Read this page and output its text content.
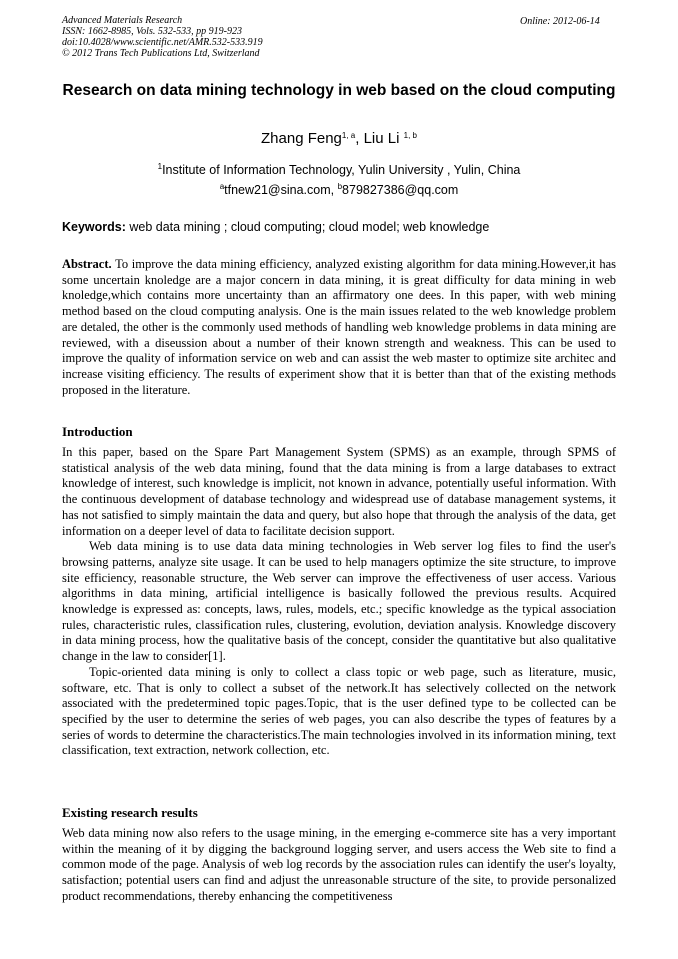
Advanced Materials Research	Online: 2012-06-14
ISSN: 1662-8985, Vols. 532-533, pp 919-923
doi:10.4028/www.scientific.net/AMR.532-533.919
© 2012 Trans Tech Publications Ltd, Switzerland
Research on data mining technology in web based on the cloud computing
Zhang Feng$^{1, a}$, Liu Li $^{1, b}$
$^1$Institute of Information Technology, Yulin University , Yulin, China
$^a$tfnew21@sina.com, $^b$879827386@qq.com
Keywords: web data mining ; cloud computing; cloud model; web knowledge
Abstract. To improve the data mining efficiency, analyzed existing algorithm for data mining.However,it has some uncertain knoledge are a major concern in data mining, it is great difficulty for data mining in web knoledge,which contains more uncertainty than an affirmatory one dees. In this paper, with web mining method based on the cloud computing analysis. One is the main issues related to the web knowledge problem are detaled, the other is the commonly used methods of handling web knowledge problems in data mining are reviewed, with a diseussion about a number of their known strength and weakness. This can be used to improve the quality of information service on web and can assist the web master to optimize site architec and increase visiting efficiency. The results of experiment show that it is better than that of the existing methods proposed in the literature.
Introduction

In this paper, based on the Spare Part Management System (SPMS) as an example, through SPMS of statistical analysis of the web data mining, found that the data mining is from a large databases to extract knowledge of interest, such knowledge is implicit, not known in advance, potentially useful information. With the continuous development of database technology and widespread use of database management systems, it has not satisfied to simply maintain the data and query, but also hope that through the analysis of the data, get information on a deeper level of data to facilitate decision support.

Web data mining is to use data data mining technologies in Web server log files to find the user's browsing patterns, analyze site usage. It can be used to help managers optimize the site structure, to improve site efficiency, reasonable structure, the Web server can improve the effectiveness of user access. Various algorithms in data mining, artificial intelligence is basically followed the previous results. Acquired knowledge is expressed as: concepts, laws, rules, models, etc.; specific knowledge as the typical association rules, characteristic rules, classification rules, clustering, evolution, deviation analysis. Knowledge discovery in data mining process, how the qualitative basis of the concept, consider the quantitative but also qualitative change in the law to consider[1].

Topic-oriented data mining is only to collect a class topic or web page, such as literature, music, software, etc. That is only to collect a subset of the network.It has selectively collected on the network associated with the predetermined topic pages.Topic, that is the user defined type to be collected can be specified by the user to determine the series of web pages, you can also describe the types of features by a series of words to determine the characteristics.The main technologies involved in its information mining, text classification, text extraction, network collection, etc.

Existing research results

Web data mining now also refers to the usage mining, in the emerging e-commerce site has a very important within the meaning of it by digging the background logging server, and users access the Web site to find a common mode of the page. Analysis of web log records by the association rules can identify the user's loyalty, satisfaction; potential users can find and adjust the unreasonable structure of the site, to provide personalized product recommendations, thereby enhancing the competitiveness
